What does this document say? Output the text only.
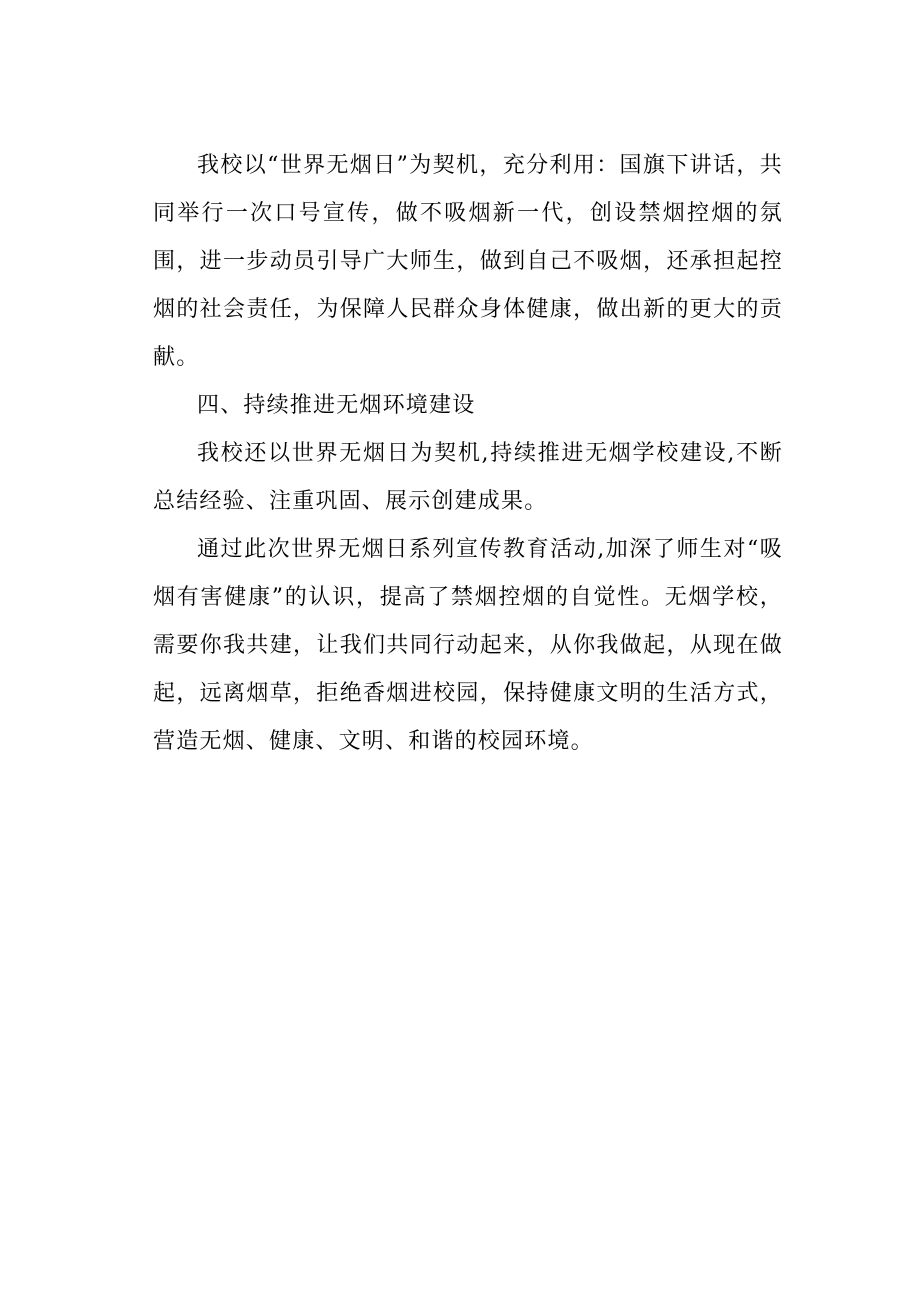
我校以“世界无烟日”为契机，充分利用：国旗下讲话，共同举行一次口号宣传，做不吸烟新一代，创设禁烟控烟的氛围，进一步动员引导广大师生，做到自己不吸烟，还承担起控烟的社会责任，为保障人民群众身体健康，做出新的更大的贡献。

四、持续推进无烟环境建设

我校还以世界无烟日为契机,持续推进无烟学校建设,不断总结经验、注重巩固、展示创建成果。

通过此次世界无烟日系列宣传教育活动,加深了师生对“吸烟有害健康”的认识，提高了禁烟控烟的自觉性。无烟学校，需要你我共建，让我们共同行动起来，从你我做起，从现在做起，远离烟草，拒绝香烟进校园，保持健康文明的生活方式，营造无烟、健康、文明、和谐的校园环境。
